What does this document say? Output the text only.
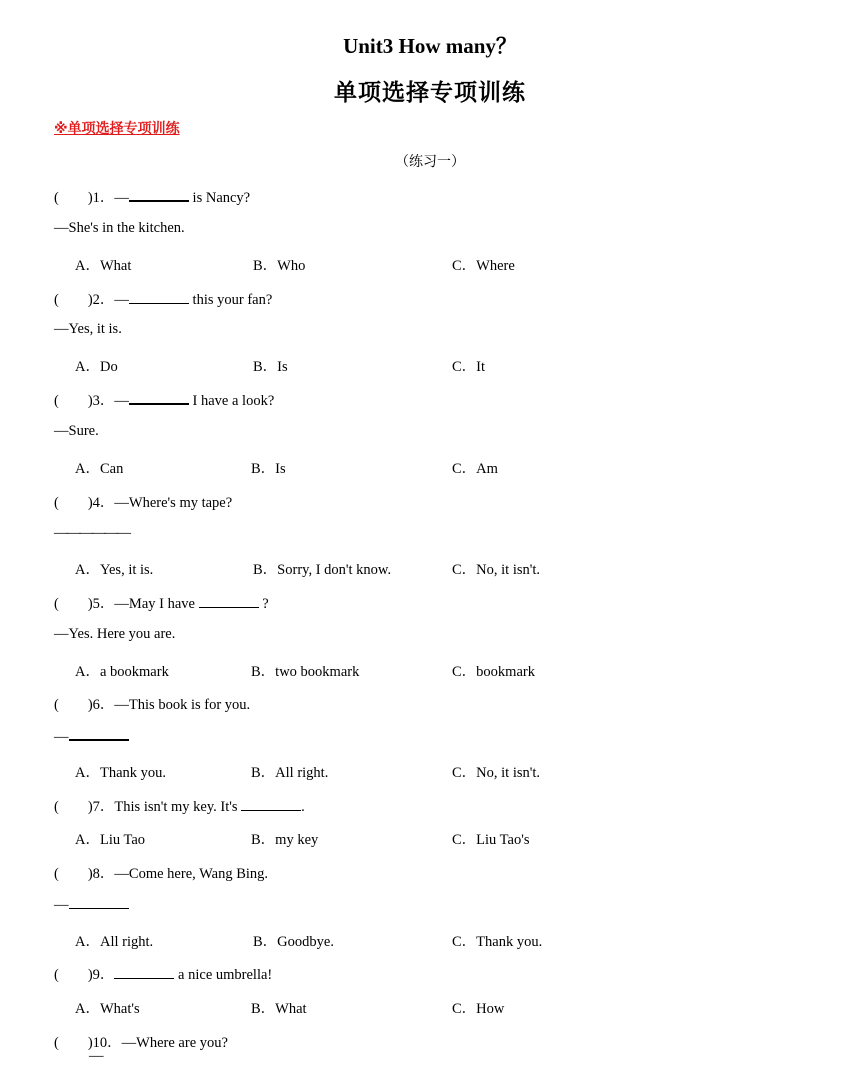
Unit3 How many？
单项选择专项训练
※单项选择专项训练
（练习一）
(　　)1．—	is Nancy?
—She's in the kitchen.
A．What	B．Who	C．Where
(　　)2．—	this your fan?
—Yes, it is.
A．Do	B．Is	C．It
(　　)3．—	I have a look?
—Sure.
A．Can	B．Is	C．Am
(　　)4．—Where's my tape?
——————
A．Yes, it is.	B．Sorry, I don't know.	C．No, it isn't.
(　　)5．—May I have	?
—Yes. Here you are.
A．a bookmark	B．two bookmark	C．bookmark
(　　)6．—This book is for you.
—
A．Thank you.	B．All right.	C．No, it isn't.
(　　)7．This isn't my key. It's	.
A．Liu Tao	B．my key	C．Liu Tao's
(　　)8．—Come here, Wang Bing.
—
A．All right.	B．Goodbye.	C．Thank you.
(　　)9．	a nice umbrella!
A．What's	B．What	C．How
(　　)10．—Where are you?
—
